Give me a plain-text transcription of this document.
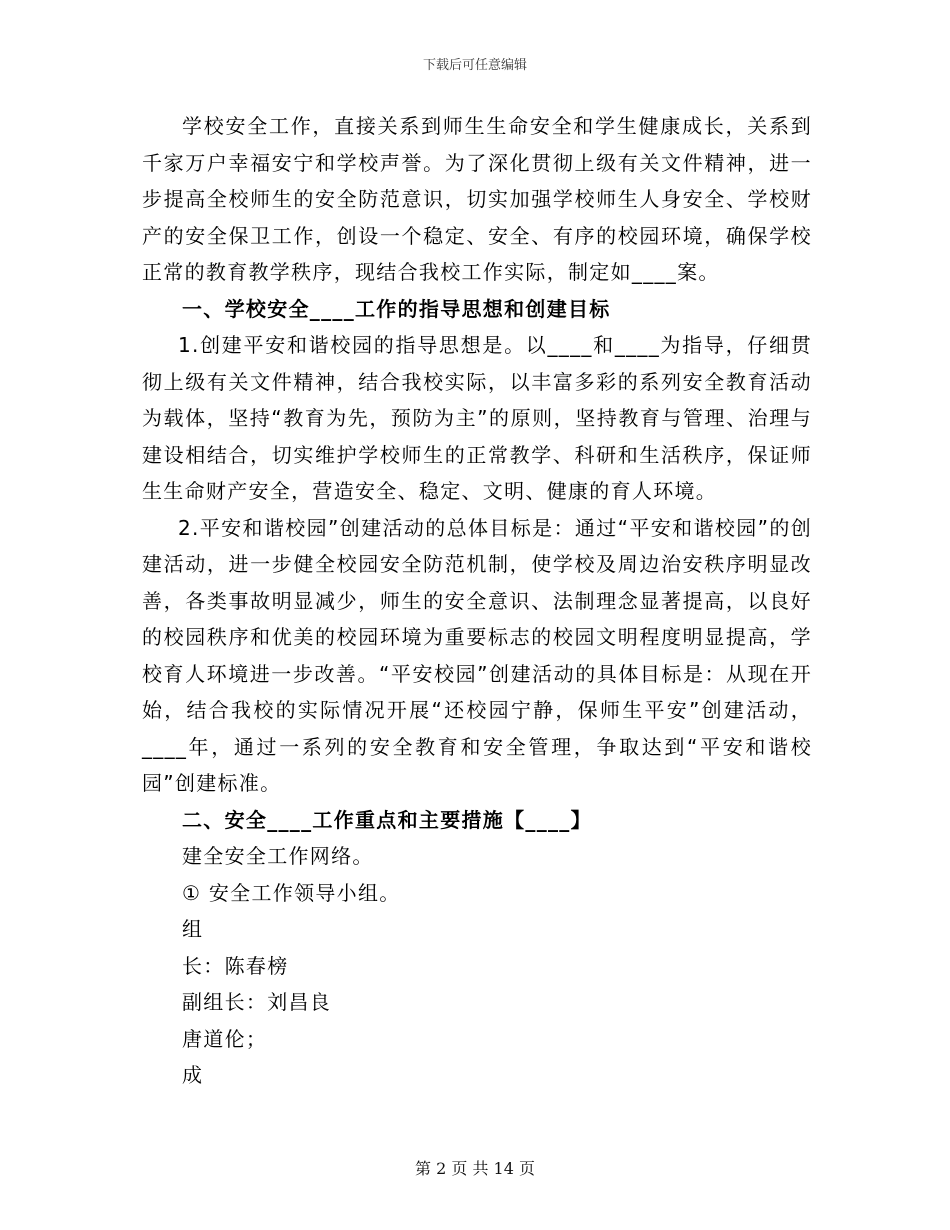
下载后可任意编辑

学校安全工作，直接关系到师生生命安全和学生健康成长，关系到千家万户幸福安宁和学校声誉。为了深化贯彻上级有关文件精神，进一步提高全校师生的安全防范意识，切实加强学校师生人身安全、学校财产的安全保卫工作，创设一个稳定、安全、有序的校园环境，确保学校正常的教育教学秩序，现结合我校工作实际，制定如____案。

一、学校安全____工作的指导思想和创建目标

1.创建平安和谐校园的指导思想是。以____和____为指导，仔细贯彻上级有关文件精神，结合我校实际，以丰富多彩的系列安全教育活动为载体，坚持“教育为先，预防为主”的原则，坚持教育与管理、治理与建设相结合，切实维护学校师生的正常教学、科研和生活秩序，保证师生生命财产安全，营造安全、稳定、文明、健康的育人环境。

2.平安和谐校园”创建活动的总体目标是：通过“平安和谐校园”的创建活动，进一步健全校园安全防范机制，使学校及周边治安秩序明显改善，各类事故明显减少，师生的安全意识、法制理念显著提高，以良好的校园秩序和优美的校园环境为重要标志的校园文明程度明显提高，学校育人环境进一步改善。“平安校园”创建活动的具体目标是：从现在开始，结合我校的实际情况开展“还校园宁静，保师生平安”创建活动，____年，通过一系列的安全教育和安全管理，争取达到“平安和谐校园”创建标准。

二、安全____工作重点和主要措施【____】

建全安全工作网络。

① 安全工作领导小组。

组

长：陈春榜

副组长：刘昌良

唐道伦；

成

第 2 页 共 14 页
